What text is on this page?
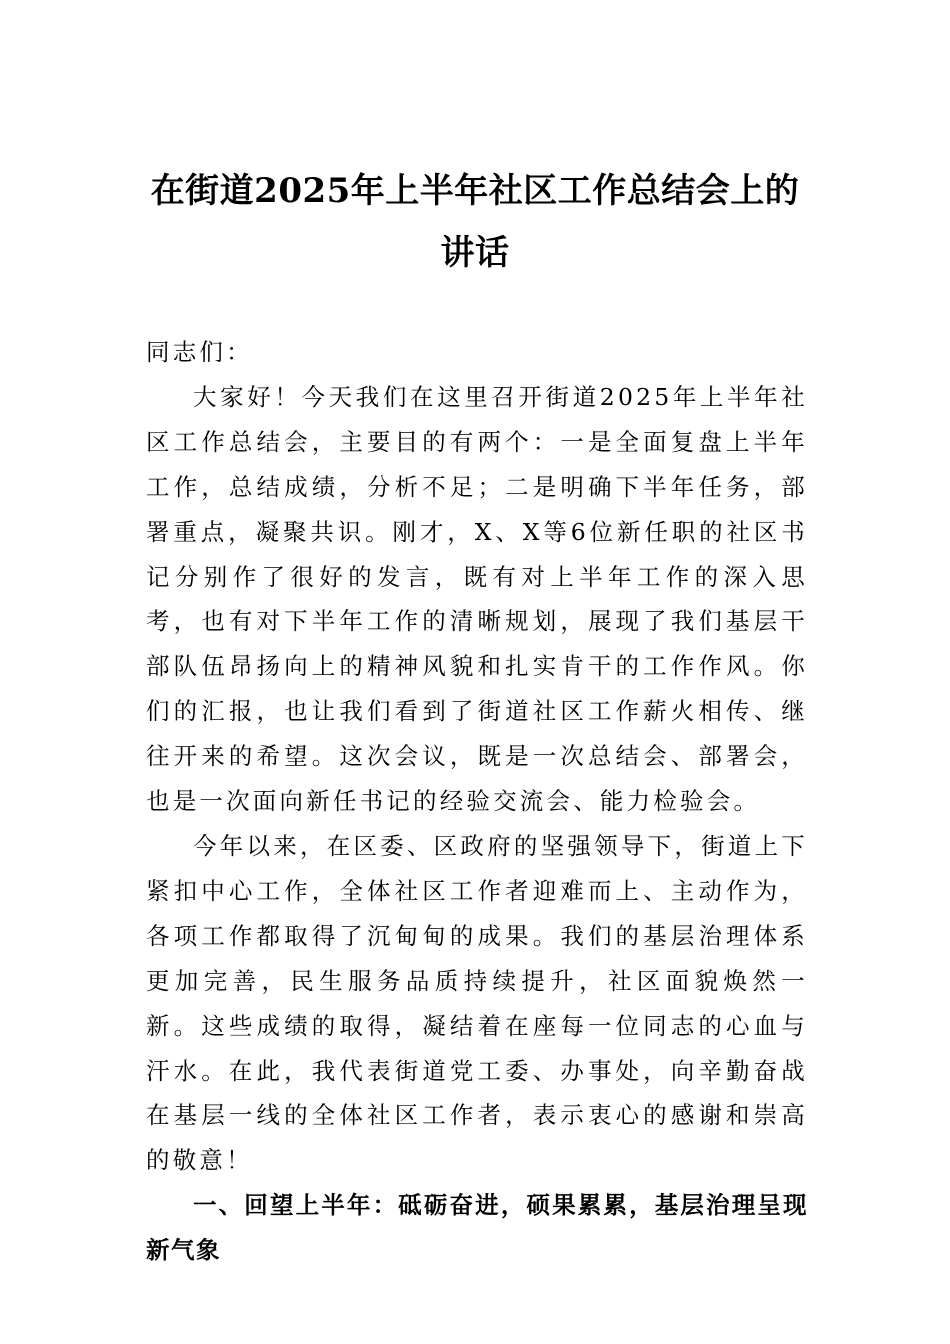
在街道2025年上半年社区工作总结会上的
讲话

同志们：

大家好！今天我们在这里召开街道2025年上半年社区工作总结会，主要目的有两个：一是全面复盘上半年工作，总结成绩，分析不足；二是明确下半年任务，部署重点，凝聚共识。刚才，X、X等6位新任职的社区书记分别作了很好的发言，既有对上半年工作的深入思考，也有对下半年工作的清晰规划，展现了我们基层干部队伍昂扬向上的精神风貌和扎实肯干的工作作风。你们的汇报，也让我们看到了街道社区工作薪火相传、继往开来的希望。这次会议，既是一次总结会、部署会，也是一次面向新任书记的经验交流会、能力检验会。

今年以来，在区委、区政府的坚强领导下，街道上下紧扣中心工作，全体社区工作者迎难而上、主动作为，各项工作都取得了沉甸甸的成果。我们的基层治理体系更加完善，民生服务品质持续提升，社区面貌焕然一新。这些成绩的取得，凝结着在座每一位同志的心血与汗水。在此，我代表街道党工委、办事处，向辛勤奋战在基层一线的全体社区工作者，表示衷心的感谢和崇高的敬意！

一、回望上半年：砥砺奋进，硕果累累，基层治理呈现新气象
